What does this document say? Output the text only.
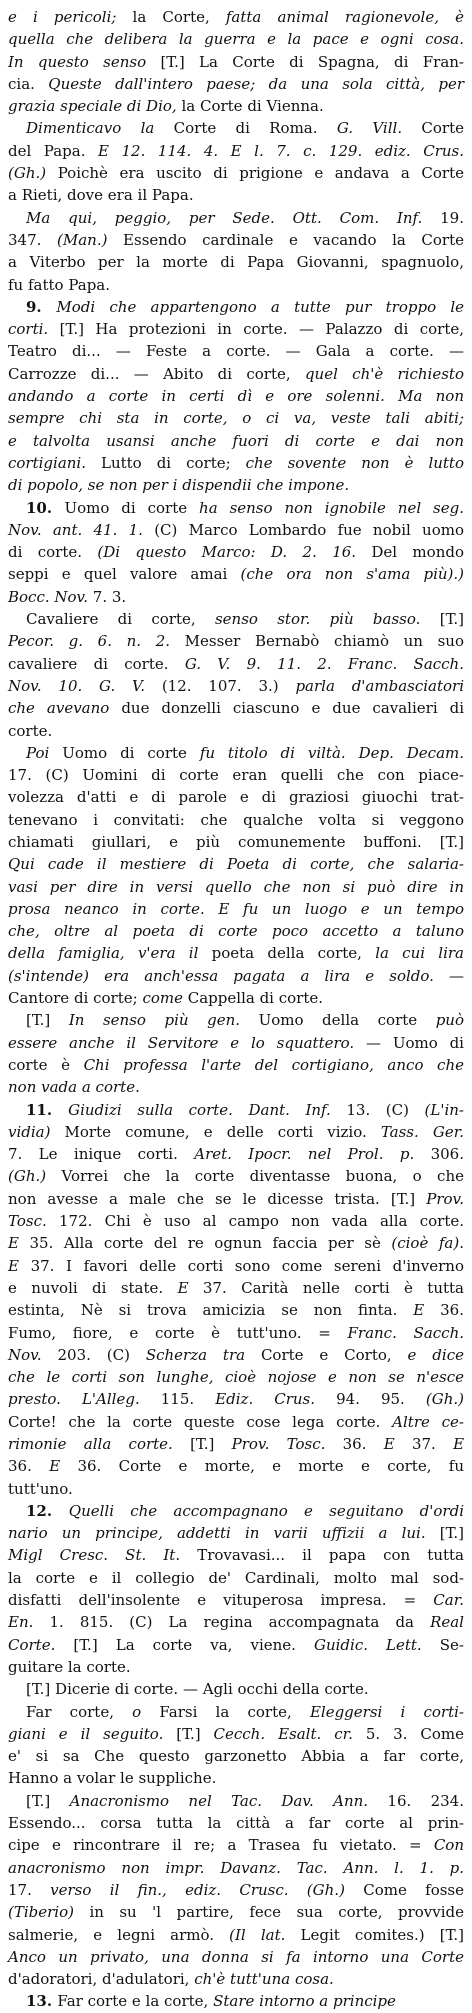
e i pericoli; la Corte, fatta animal ragionevole, è
quella che delibera la guerra e la pace e ogni cosa.
In questo senso [T.] La Corte di Spagna, di Fran-
cia. Queste dall'intero paese; da una sola città, per
grazia speciale di Dio, la Corte di Vienna.
Dimenticavo la Corte di Roma. G. Vill. Corte
del Papa. E 12. 114. 4. E l. 7. c. 129. ediz. Crus.
(Gh.) Poichè era uscito di prigione e andava a Corte
a Rieti, dove era il Papa.
Ma qui, peggio, per Sede. Ott. Com. Inf. 19.
347. (Man.) Essendo cardinale e vacando la Corte
a Viterbo per la morte di Papa Giovanni, spagnuolo,
fu fatto Papa.
9. Modi che appartengono a tutte pur troppo le
corti. [T.] Ha protezioni in corte. — Palazzo di corte,
Teatro di... — Feste a corte. — Gala a corte. —
Carrozze di... — Abito di corte, quel ch'è richiesto
andando a corte in certi dì e ore solenni. Ma non
sempre chi sta in corte, o ci va, veste tali abiti;
e talvolta usansi anche fuori di corte e dai non
cortigiani. Lutto di corte; che sovente non è lutto
di popolo, se non per i dispendii che impone.
10. Uomo di corte ha senso non ignobile nel seg.
Nov. ant. 41. 1. (C) Marco Lombardo fue nobil uomo
di corte. (Di questo Marco: D. 2. 16. Del mondo
seppi e quel valore amai (che ora non s'ama più).)
Bocc. Nov. 7. 3.
Cavaliere di corte, senso stor. più basso. [T.]
Pecor. g. 6. n. 2. Messer Bernabò chiamò un suo
cavaliere di corte. G. V. 9. 11. 2. Franc. Sacch.
Nov. 10. G. V. (12. 107. 3.) parla d'ambasciatori
che avevano due donzelli ciascuno e due cavalieri di
corte.
Poi Uomo di corte fu titolo di viltà. Dep. Decam.
17. (C) Uomini di corte eran quelli che con piace-
volezza d'atti e di parole e di graziosi giuochi trat-
tenevano i convitati: che qualche volta si veggono
chiamati giullari, e più comunemente buffoni. [T.]
Qui cade il mestiere di Poeta di corte, che salaria-
vasi per dire in versi quello che non si può dire in
prosa neanco in corte. E fu un luogo e un tempo
che, oltre al poeta di corte poco accetto a taluno
della famiglia, v'era il poeta della corte, la cui lira
(s'intende) era anch'essa pagata a lira e soldo. —
Cantore di corte; come Cappella di corte.
[T.] In senso più gen. Uomo della corte può
essere anche il Servitore e lo squattero. — Uomo di
corte è Chi professa l'arte del cortigiano, anco che
non vada a corte.
11. Giudizi sulla corte. Dant. Inf. 13. (C) (L'in-
vidia) Morte comune, e delle corti vizio. Tass. Ger.
7. Le inique corti. Aret. Ipocr. nel Prol. p. 306.
(Gh.) Vorrei che la corte diventasse buona, o che
non avesse a male che se le dicesse trista. [T.] Prov.
Tosc. 172. Chi è uso al campo non vada alla corte.
E 35. Alla corte del re ognun faccia per sè (cioè fa).
E 37. I favori delle corti sono come sereni d'inverno
e nuvoli di state. E 37. Carità nelle corti è tutta
estinta, Nè si trova amicizia se non finta. E 36.
Fumo, fiore, e corte è tutt'uno. = Franc. Sacch.
Nov. 203. (C) Scherza tra Corte e Corto, e dice
che le corti son lunghe, cioè nojose e non se n'esce
presto. L'Alleg. 115. Ediz. Crus. 94. 95. (Gh.)
Corte! che la corte queste cose lega corte. Altre ce-
rimonie alla corte. [T.] Prov. Tosc. 36. E 37. E
36. E 36. Corte e morte, e morte e corte, fu
tutt'uno.
12. Quelli che accompagnano e seguitano d'ordi
nario un principe, addetti in varii uffizii a lui. [T.]
Migl Cresc. St. It. Trovavasi... il papa con tutta
la corte e il collegio de' Cardinali, molto mal sod-
disfatti dell'insolente e vituperosa impresa. = Car.
En. 1. 815. (C) La regina accompagnata da Real
Corte. [T.] La corte va, viene. Guidic. Lett. Se-
guitare la corte.
[T.] Dicerie di corte. — Agli occhi della corte.
Far corte, o Farsi la corte, Eleggersi i corti-
giani e il seguito. [T.] Cecch. Esalt. cr. 5. 3. Come
e' si sa Che questo garzonetto Abbia a far corte,
Hanno a volar le suppliche.
[T.] Anacronismo nel Tac. Dav. Ann. 16. 234.
Essendo... corsa tutta la città a far corte al prin-
cipe e rincontrare il re; a Trasea fu vietato. = Con
anacronismo non impr. Davanz. Tac. Ann. l. 1. p.
17. verso il fin., ediz. Crusc. (Gh.) Come fosse
(Tiberio) in su 'l partire, fece sua corte, provvide
salmerie, e legni armò. (Il lat. Legit comites.) [T.]
Anco un privato, una donna si fa intorno una Corte
d'adoratori, d'adulatori, ch'è tutt'una cosa.
13. Far corte e la corte, Stare intorno a principe
